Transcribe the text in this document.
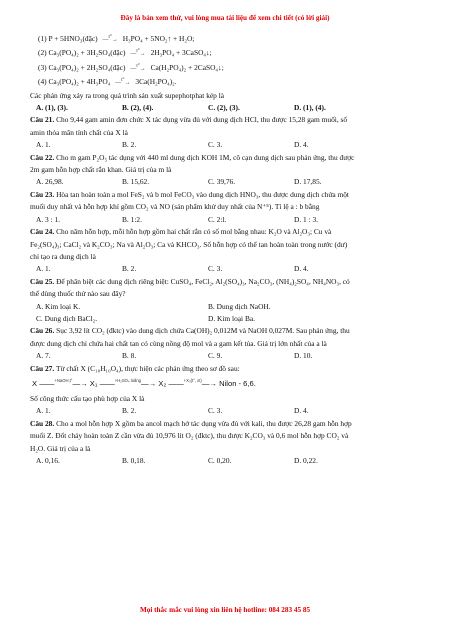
Đây là bản xem thử, vui lòng mua tài liệu để xem chi tiết (có lời giải)
(1) P + 5HNO₃(đặc) —$^{t^\circ}$→ H₃PO₄ + 5NO₂↑ + H₂O;
(2) Ca₃(PO₄)₂ + 3H₂SO₄(đặc) —$^{t^\circ}$→ 2H₃PO₄ + 3CaSO₄↓;
(3) Ca₃(PO₄)₂ + 2H₂SO₄(đặc) —$^{t^\circ}$→ Ca(H₂PO₄)₂ + 2CaSO₄↓;
(4) Ca₃(PO₄)₂ + 4H₃PO₄ —$^{t^\circ}$→ 3Ca(H₂PO₄)₂.
Các phản ứng xảy ra trong quá trình sản xuất supephotphat kép là
A. (1), (3).	B. (2), (4).	C. (2), (3).	D. (1), (4).
Câu 21. Cho 9,44 gam amin đơn chức X tác dụng vừa đủ với dung dịch HCl, thu được 15,28 gam muối, số
amin thỏa mãn tính chất của X là
A. 1.	B. 2.	C. 3.	D. 4.
Câu 22. Cho m gam P₂O₅ tác dụng với 440 ml dung dịch KOH 1M, cô cạn dung dịch sau phản ứng, thu được
2m gam hỗn hợp chất rắn khan. Giá trị của m là
A. 26,98.	B. 15,62.	C. 39,76.	D. 17,85.
Câu 23. Hòa tan hoàn toàn a mol FeS₂ và b mol FeCO₃ vào dung dịch HNO₃, thu được dung dịch chứa một
muối duy nhất và hỗn hợp khí gồm CO₂ và NO (sản phẩm khử duy nhất của N⁺⁵). Tỉ lệ a : b bằng
A. 3 : 1.	B. 1:2.	C. 2:l.	D. 1 : 3.
Câu 24. Cho năm hỗn hợp, mỗi hỗn hợp gồm hai chất rắn có số mol bằng nhau: K₂O và Al₂O₃; Cu và
Fe₂(SO₄)₃; CaCl₂ và K₂CO₃; Na và Al₂O₃; Ca và KHCO₃. Số hỗn hợp có thể tan hoàn toàn trong nước (dư)
chỉ tạo ra dung dịch là
A. 1.	B. 2.	C. 3.	D. 4.
Câu 25. Để phân biệt các dung dịch riêng biệt: CuSO₄, FeCl₂, Al₂(SO₄)₃, Na₂CO₃, (NH₄)₂SO₄, NH₄NO₃, có
thể dùng thuốc thử nào sau đây?
A. Kim loại K.	B. Dung dịch NaOH.
C. Dung dịch BaCl₂.	D. Kim loại Ba.
Câu 26. Sục 3,92 lít CO₂ (đktc) vào dung dịch chứa Ca(OH)₂ 0,012M và NaOH 0,027M. Sau phản ứng, thu
được dung dịch chỉ chứa hai chất tan có cùng nồng độ mol và a gam kết tủa. Giá trị lớn nhất của a là
A. 7.	B. 8.	C. 9.	D. 10.
Câu 27. Từ chất X (C₁₀H₁₀O₄), thực hiện các phản ứng theo sơ đồ sau:
X ——$^{+NaOH,t^\circ}$—→ X₁ ——$^{+H_2SO_4 loãng}$—→ X₂ ——$^{+X_3(t^\circ, xt)}$—→ Nilon - 6,6.
Số công thức cấu tạo phù hợp của X là
A. 1.	B. 2.	C. 3.	D. 4.
Câu 28. Cho a mol hỗn hợp X gồm ba ancol mạch hở tác dụng vừa đủ với kali, thu được 26,28 gam hỗn hợp
muối Z. Đốt cháy hoàn toàn Z cần vừa đủ 10,976 lít O₂ (đktc), thu được K₂CO₃ và 0,6 mol hỗn hợp CO₂ và
H₂O. Giá trị của a là
A. 0,16.	B. 0,18.	C. 0,20.	D. 0,22.
Mọi thắc mắc vui lòng xin liên hệ hotline: 084 283 45 85
